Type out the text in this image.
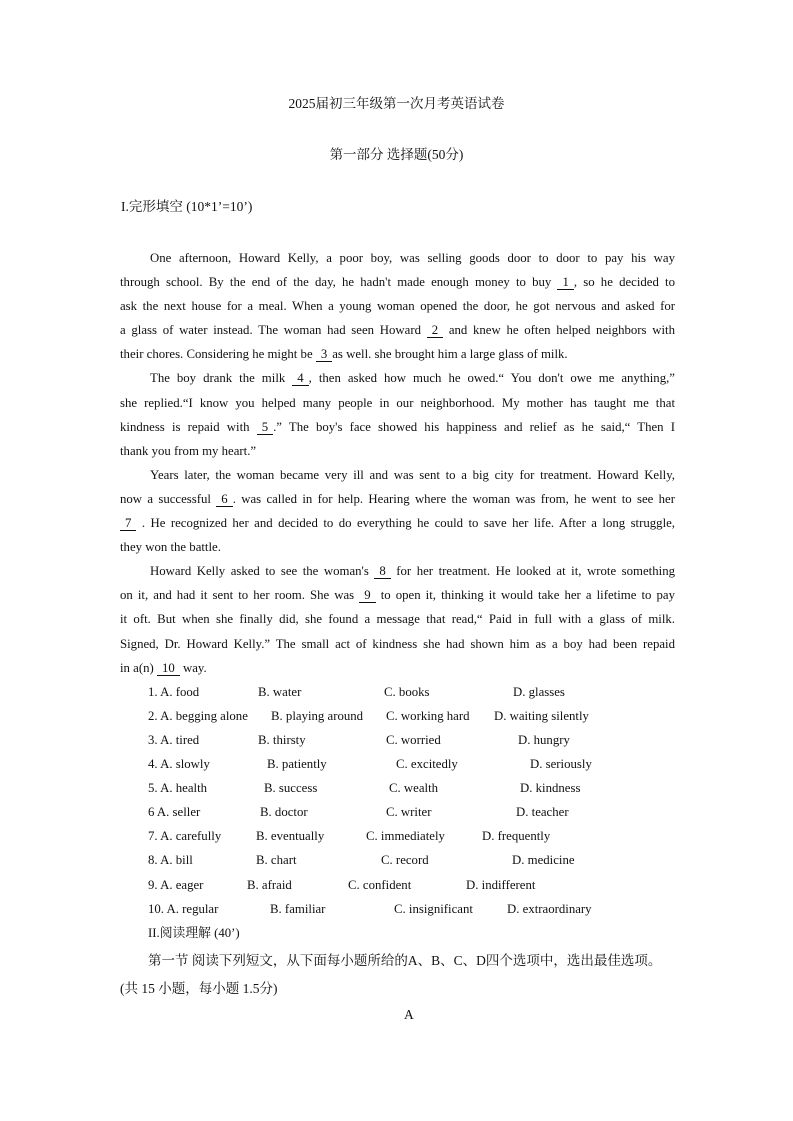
2025届初三年级第一次月考英语试卷
第一部分 选择题(50分)
I.完形填空 (10*1’=10’)
One afternoon, Howard Kelly, a poor boy, was selling goods door to door to pay his way
through school. By the end of the day, he hadn't made enough money to buy 1 , so he decided to
ask the next house for a meal. When a young woman opened the door, he got nervous and asked for
a glass of water instead. The woman had seen Howard 2 and knew he often helped neighbors with
their chores. Considering he might be 3 as well. she brought him a large glass of milk.
The boy drank the milk 4 , then asked how much he owed.“ You don't owe me anything,”
she replied.“I know you helped many people in our neighborhood. My mother has taught me that
kindness is repaid with 5 .” The boy's face showed his happiness and relief as he said,“ Then I
thank you from my heart.”
Years later, the woman became very ill and was sent to a big city for treatment. Howard Kelly,
now a successful 6 . was called in for help. Hearing where the woman was from, he went to see her
7 . He recognized her and decided to do everything he could to save her life. After a long struggle,
they won the battle.
Howard Kelly asked to see the woman's 8 for her treatment. He looked at it, wrote something
on it, and had it sent to her room. She was 9 to open it, thinking it would take her a lifetime to pay
it oft. But when she finally did, she found a message that read,“ Paid in full with a glass of milk.
Signed, Dr. Howard Kelly.” The small act of kindness she had shown him as a boy had been repaid
in a(n) 10 way.
1. A. food	B. water	C. books	D. glasses
2. A. begging alone B. playing around C. working hard D. waiting silently
3. A. tired	B. thirsty	C. worried	D. hungry
4. A. slowly	B. patiently	C. excitedly	D. seriously
5. A. health	B. success	C. wealth	D. kindness
6 A. seller	B. doctor	C. writer	D. teacher
7. A. carefully	B. eventually	C. immediately	D. frequently
8. A. bill	B. chart	C. record	D. medicine
9. A. eager	B. afraid	C. confident	D. indifferent
10. A. regular	B. familiar	C. insignificant	D. extraordinary
II.阅读理解 (40’)
第一节 阅读下列短文，从下面每小题所给的A、B、C、D四个选项中，选出最佳选项。
(共 15 小题，每小题 1.5分)
A
